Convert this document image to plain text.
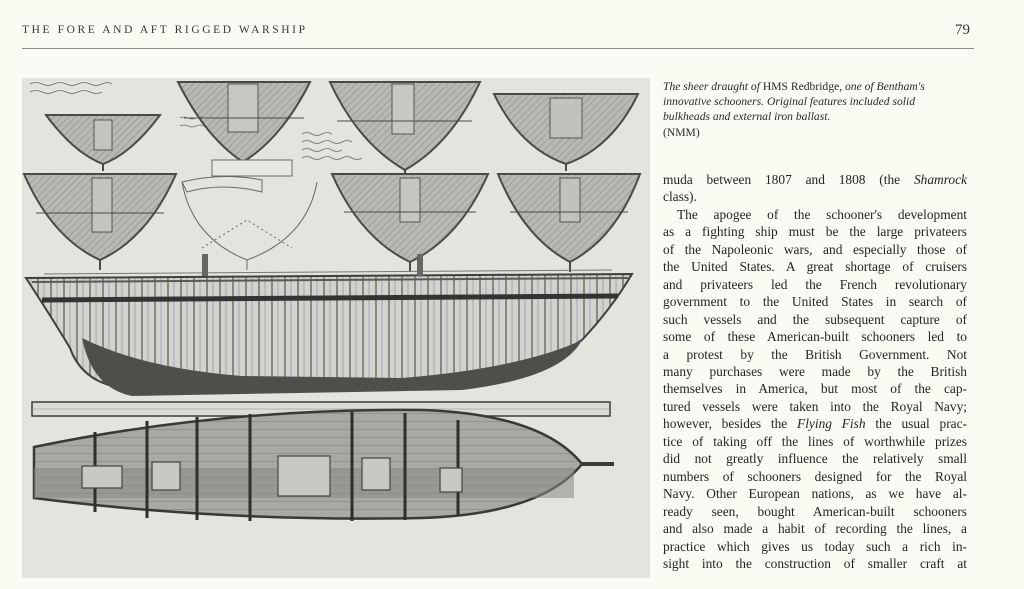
THE FORE AND AFT RIGGED WARSHIP	79
The sheer draught of HMS Redbridge, one of Bentham's innovative schooners. Original features included solid bulkheads and external iron ballast.
(NMM)
muda between 1807 and 1808 (the Shamrock
class).
The apogee of the schooner's development
as a fighting ship must be the large privateers
of the Napoleonic wars, and especially those of
the United States. A great shortage of cruisers
and privateers led the French revolutionary
government to the United States in search of
such vessels and the subsequent capture of
some of these American-built schooners led to
a protest by the British Government. Not
many purchases were made by the British
themselves in America, but most of the cap-
tured vessels were taken into the Royal Navy;
however, besides the Flying Fish the usual prac-
tice of taking off the lines of worthwhile prizes
did not greatly influence the relatively small
numbers of schooners designed for the Royal
Navy. Other European nations, as we have al-
ready seen, bought American-built schooners
and also made a habit of recording the lines, a
practice which gives us today such a rich in-
sight into the construction of smaller craft at
